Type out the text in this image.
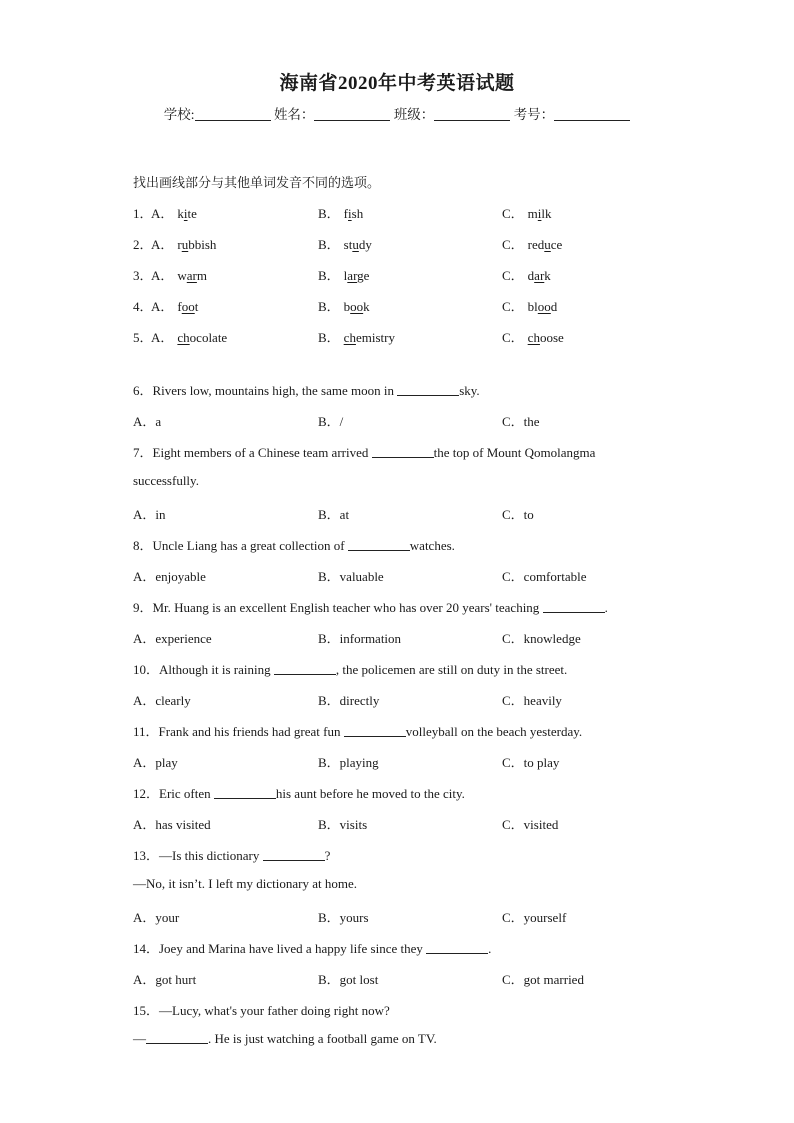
海南省2020年中考英语试题
学校:	姓名：	班级：	考号：
找出画线部分与其他单词发音不同的选项。
1．
A． kite	B． fish	C． milk
2．
A． rubbish	B． study	C． reduce
3．
A． warm	B． large	C． dark
4．
A． foot	B． book	C． blood
5．
A． chocolate	B． chemistry	C． choose
6．Rivers low, mountains high, the same moon in	sky.
A．a	B．/	C．the
7．Eight members of a Chinese team arrived	the top of Mount Qomolangma
successfully.
A．in	B．at	C．to
8．Uncle Liang has a great collection of	watches.
A．enjoyable	B．valuable	C．comfortable
9．Mr. Huang is an excellent English teacher who has over 20 years' teaching	.
A．experience	B．information	C．knowledge
10．Although it is raining	, the policemen are still on duty in the street.
A．clearly	B．directly	C．heavily
11．Frank and his friends had great fun	volleyball on the beach yesterday.
A．play	B．playing	C．to play
12．Eric often	his aunt before he moved to the city.
A．has visited	B．visits	C．visited
13．—Is this dictionary	?
—No, it isn’t. I left my dictionary at home.
A．your	B．yours	C．yourself
14．Joey and Marina have lived a happy life since they	.
A．got hurt	B．got lost	C．got married
15．—Lucy, what's your father doing right now?
—	. He is just watching a football game on TV.
